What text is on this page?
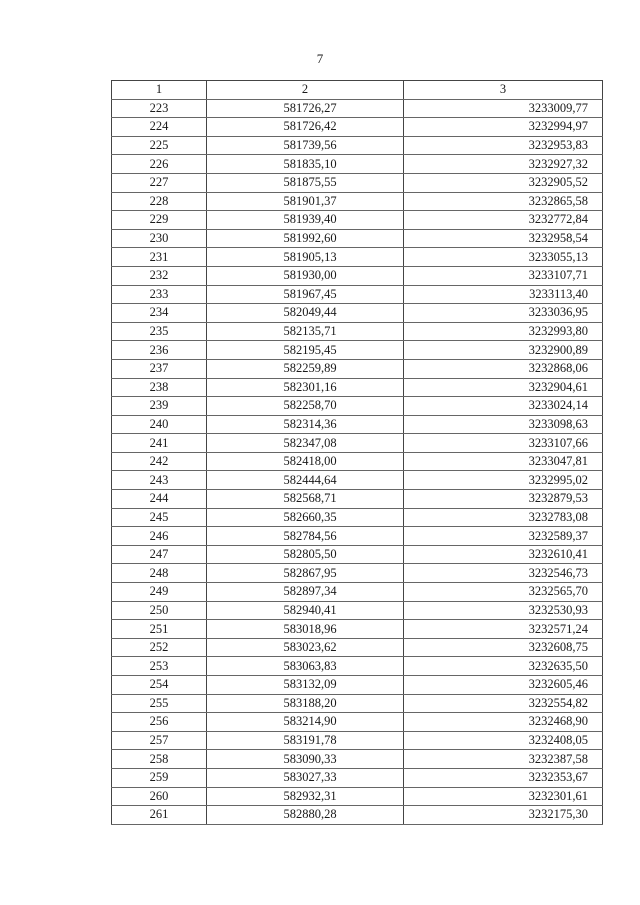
7
1	2	3
223	581726,27	3233009,77
224	581726,42	3232994,97
225	581739,56	3232953,83
226	581835,10	3232927,32
227	581875,55	3232905,52
228	581901,37	3232865,58
229	581939,40	3232772,84
230	581992,60	3232958,54
231	581905,13	3233055,13
232	581930,00	3233107,71
233	581967,45	3233113,40
234	582049,44	3233036,95
235	582135,71	3232993,80
236	582195,45	3232900,89
237	582259,89	3232868,06
238	582301,16	3232904,61
239	582258,70	3233024,14
240	582314,36	3233098,63
241	582347,08	3233107,66
242	582418,00	3233047,81
243	582444,64	3232995,02
244	582568,71	3232879,53
245	582660,35	3232783,08
246	582784,56	3232589,37
247	582805,50	3232610,41
248	582867,95	3232546,73
249	582897,34	3232565,70
250	582940,41	3232530,93
251	583018,96	3232571,24
252	583023,62	3232608,75
253	583063,83	3232635,50
254	583132,09	3232605,46
255	583188,20	3232554,82
256	583214,90	3232468,90
257	583191,78	3232408,05
258	583090,33	3232387,58
259	583027,33	3232353,67
260	582932,31	3232301,61
261	582880,28	3232175,30
